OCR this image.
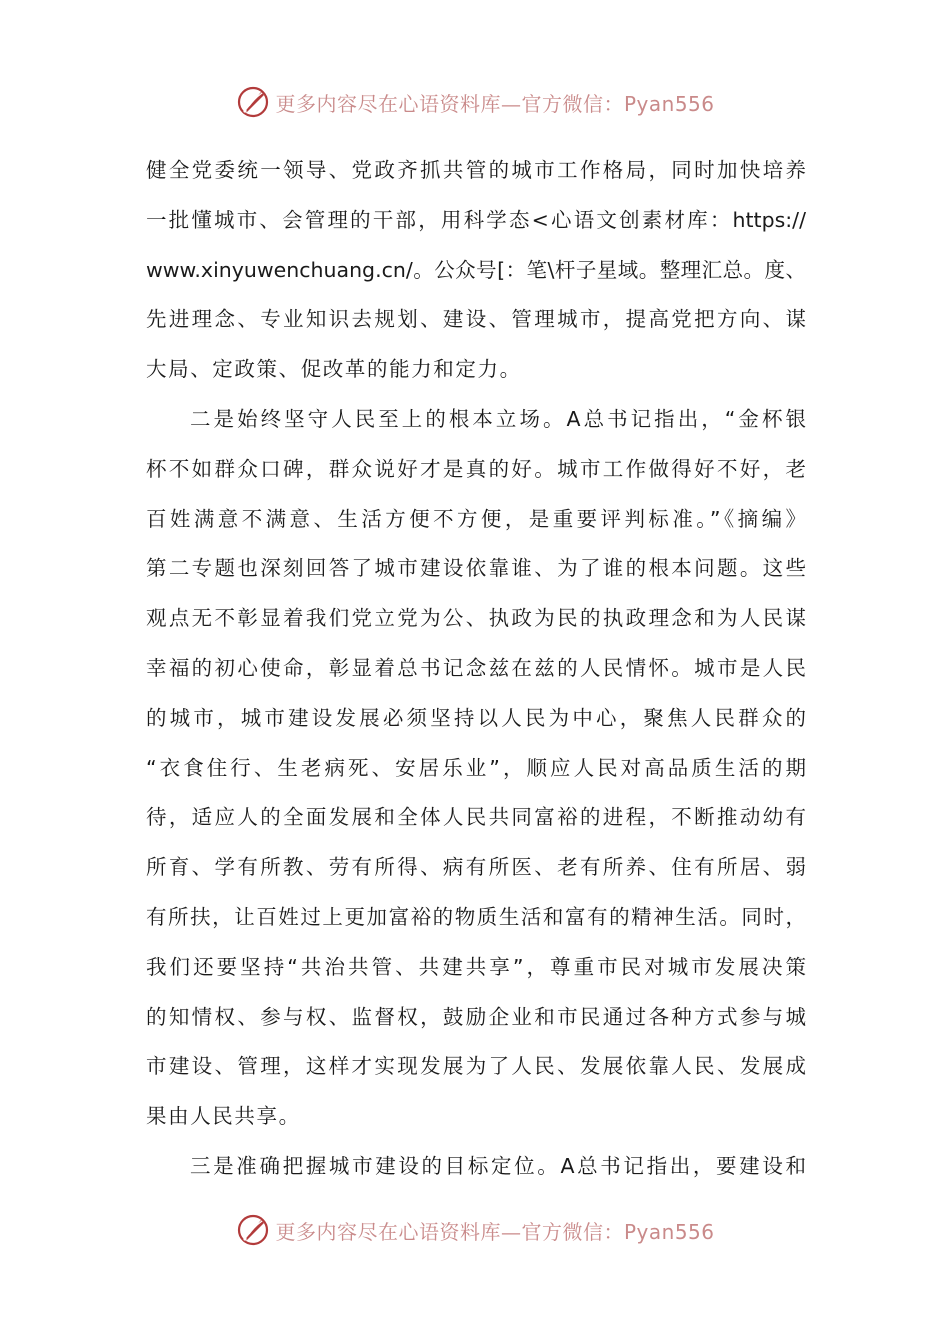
更多内容尽在心语资料库—官方微信：Pyan556
健全党委统一领导、党政齐抓共管的城市工作格局，同时加快培养
一批懂城市、会管理的干部，用科学态<心语文创素材库：https://
www.xinyuwenchuang.cn/。公众号[：笔\杆子星域。整理汇总。度、
先进理念、专业知识去规划、建设、管理城市，提高党把方向、谋
大局、定政策、促改革的能力和定力。
二是始终坚守人民至上的根本立场。A总书记指出，“金杯银
杯不如群众口碑，群众说好才是真的好。城市工作做得好不好，老
百姓满意不满意、生活方便不方便，是重要评判标准。”《摘编》
第二专题也深刻回答了城市建设依靠谁、为了谁的根本问题。这些
观点无不彰显着我们党立党为公、执政为民的执政理念和为人民谋
幸福的初心使命，彰显着总书记念兹在兹的人民情怀。城市是人民
的城市，城市建设发展必须坚持以人民为中心，聚焦人民群众的
“衣食住行、生老病死、安居乐业”，顺应人民对高品质生活的期
待，适应人的全面发展和全体人民共同富裕的进程，不断推动幼有
所育、学有所教、劳有所得、病有所医、老有所养、住有所居、弱
有所扶，让百姓过上更加富裕的物质生活和富有的精神生活。同时，
我们还要坚持“共治共管、共建共享”，尊重市民对城市发展决策
的知情权、参与权、监督权，鼓励企业和市民通过各种方式参与城
市建设、管理，这样才实现发展为了人民、发展依靠人民、发展成
果由人民共享。
三是准确把握城市建设的目标定位。A总书记指出，要建设和
更多内容尽在心语资料库—官方微信：Pyan556
